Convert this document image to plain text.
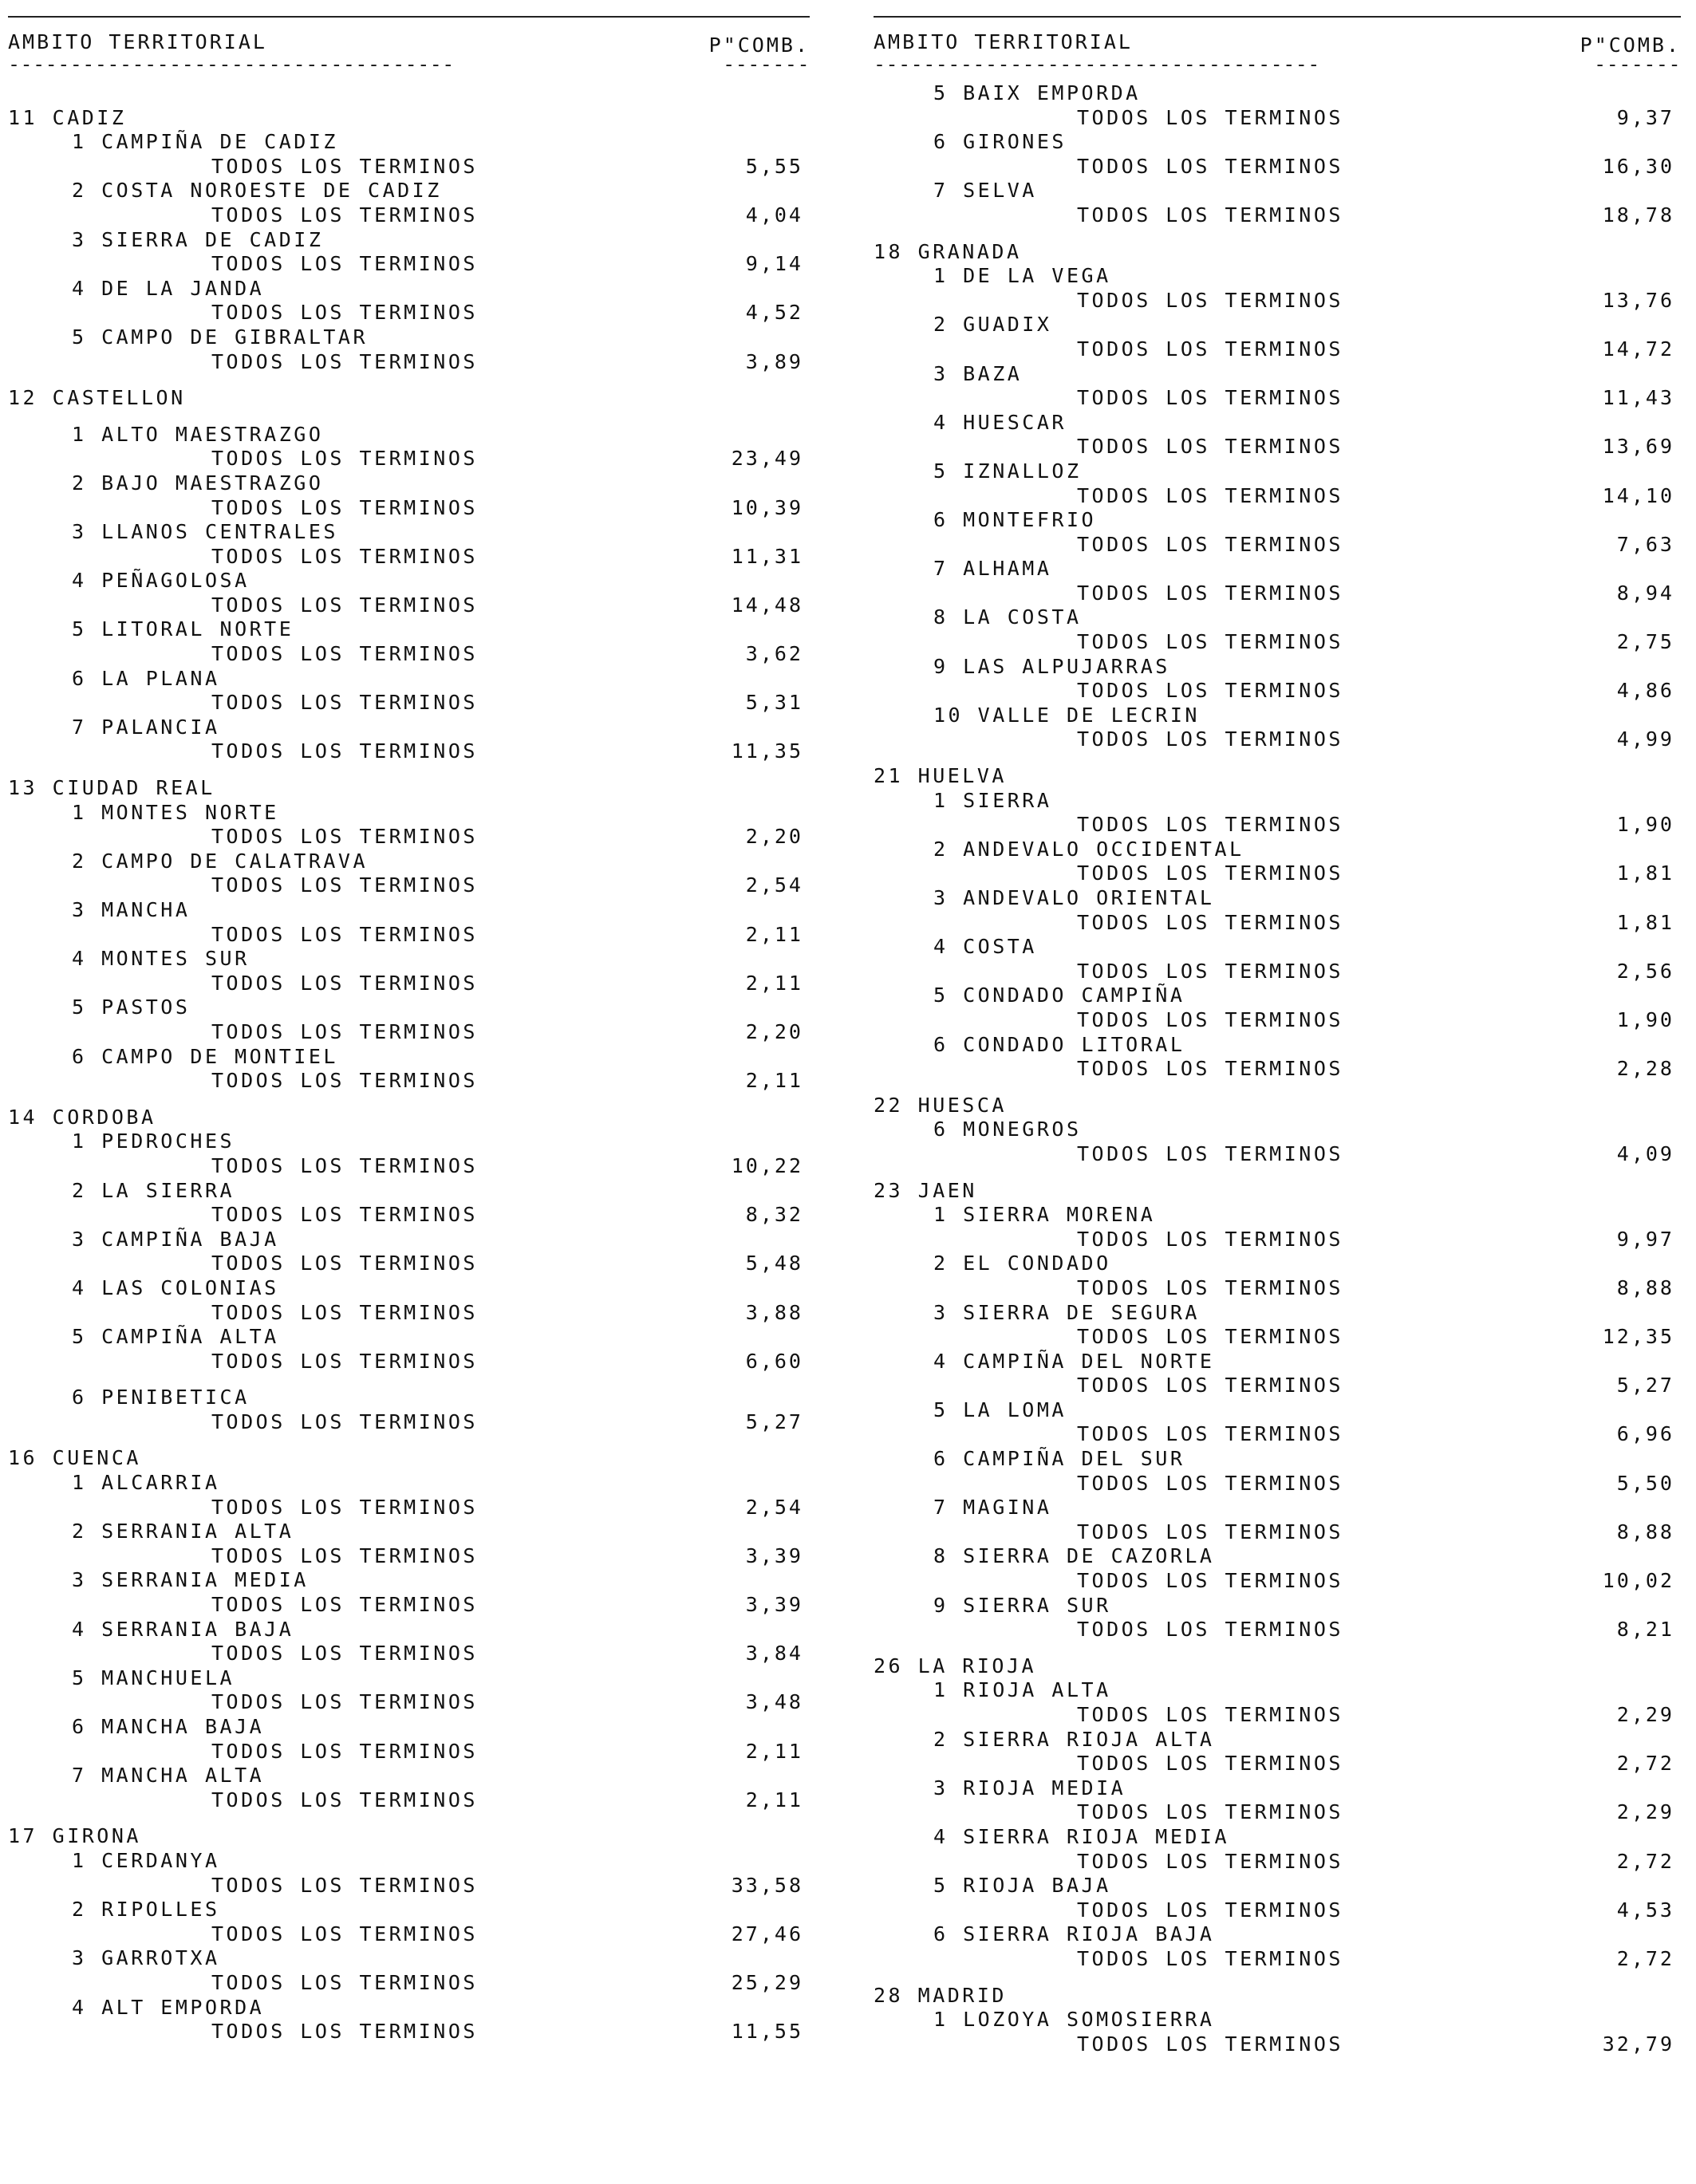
AMBITO TERRITORIAL	P"COMB.
------------------------------------	-------
11 CADIZ
1 CAMPIÑA DE CADIZ
TODOS LOS TERMINOS	5,55
2 COSTA NOROESTE DE CADIZ
TODOS LOS TERMINOS	4,04
3 SIERRA DE CADIZ
TODOS LOS TERMINOS	9,14
4 DE LA JANDA
TODOS LOS TERMINOS	4,52
5 CAMPO DE GIBRALTAR
TODOS LOS TERMINOS	3,89
12 CASTELLON
1 ALTO MAESTRAZGO
TODOS LOS TERMINOS	23,49
2 BAJO MAESTRAZGO
TODOS LOS TERMINOS	10,39
3 LLANOS CENTRALES
TODOS LOS TERMINOS	11,31
4 PEÑAGOLOSA
TODOS LOS TERMINOS	14,48
5 LITORAL NORTE
TODOS LOS TERMINOS	3,62
6 LA PLANA
TODOS LOS TERMINOS	5,31
7 PALANCIA
TODOS LOS TERMINOS	11,35
13 CIUDAD REAL
1 MONTES NORTE
TODOS LOS TERMINOS	2,20
2 CAMPO DE CALATRAVA
TODOS LOS TERMINOS	2,54
3 MANCHA
TODOS LOS TERMINOS	2,11
4 MONTES SUR
TODOS LOS TERMINOS	2,11
5 PASTOS
TODOS LOS TERMINOS	2,20
6 CAMPO DE MONTIEL
TODOS LOS TERMINOS	2,11
14 CORDOBA
1 PEDROCHES
TODOS LOS TERMINOS	10,22
2 LA SIERRA
TODOS LOS TERMINOS	8,32
3 CAMPIÑA BAJA
TODOS LOS TERMINOS	5,48
4 LAS COLONIAS
TODOS LOS TERMINOS	3,88
5 CAMPIÑA ALTA
TODOS LOS TERMINOS	6,60
6 PENIBETICA
TODOS LOS TERMINOS	5,27
16 CUENCA
1 ALCARRIA
TODOS LOS TERMINOS	2,54
2 SERRANIA ALTA
TODOS LOS TERMINOS	3,39
3 SERRANIA MEDIA
TODOS LOS TERMINOS	3,39
4 SERRANIA BAJA
TODOS LOS TERMINOS	3,84
5 MANCHUELA
TODOS LOS TERMINOS	3,48
6 MANCHA BAJA
TODOS LOS TERMINOS	2,11
7 MANCHA ALTA
TODOS LOS TERMINOS	2,11
17 GIRONA
1 CERDANYA
TODOS LOS TERMINOS	33,58
2 RIPOLLES
TODOS LOS TERMINOS	27,46
3 GARROTXA
TODOS LOS TERMINOS	25,29
4 ALT EMPORDA
TODOS LOS TERMINOS	11,55
AMBITO TERRITORIAL	P"COMB.
------------------------------------	-------
5 BAIX EMPORDA
TODOS LOS TERMINOS	9,37
6 GIRONES
TODOS LOS TERMINOS	16,30
7 SELVA
TODOS LOS TERMINOS	18,78
18 GRANADA
1 DE LA VEGA
TODOS LOS TERMINOS	13,76
2 GUADIX
TODOS LOS TERMINOS	14,72
3 BAZA
TODOS LOS TERMINOS	11,43
4 HUESCAR
TODOS LOS TERMINOS	13,69
5 IZNALLOZ
TODOS LOS TERMINOS	14,10
6 MONTEFRIO
TODOS LOS TERMINOS	7,63
7 ALHAMA
TODOS LOS TERMINOS	8,94
8 LA COSTA
TODOS LOS TERMINOS	2,75
9 LAS ALPUJARRAS
TODOS LOS TERMINOS	4,86
10 VALLE DE LECRIN
TODOS LOS TERMINOS	4,99
21 HUELVA
1 SIERRA
TODOS LOS TERMINOS	1,90
2 ANDEVALO OCCIDENTAL
TODOS LOS TERMINOS	1,81
3 ANDEVALO ORIENTAL
TODOS LOS TERMINOS	1,81
4 COSTA
TODOS LOS TERMINOS	2,56
5 CONDADO CAMPIÑA
TODOS LOS TERMINOS	1,90
6 CONDADO LITORAL
TODOS LOS TERMINOS	2,28
22 HUESCA
6 MONEGROS
TODOS LOS TERMINOS	4,09
23 JAEN
1 SIERRA MORENA
TODOS LOS TERMINOS	9,97
2 EL CONDADO
TODOS LOS TERMINOS	8,88
3 SIERRA DE SEGURA
TODOS LOS TERMINOS	12,35
4 CAMPIÑA DEL NORTE
TODOS LOS TERMINOS	5,27
5 LA LOMA
TODOS LOS TERMINOS	6,96
6 CAMPIÑA DEL SUR
TODOS LOS TERMINOS	5,50
7 MAGINA
TODOS LOS TERMINOS	8,88
8 SIERRA DE CAZORLA
TODOS LOS TERMINOS	10,02
9 SIERRA SUR
TODOS LOS TERMINOS	8,21
26 LA RIOJA
1 RIOJA ALTA
TODOS LOS TERMINOS	2,29
2 SIERRA RIOJA ALTA
TODOS LOS TERMINOS	2,72
3 RIOJA MEDIA
TODOS LOS TERMINOS	2,29
4 SIERRA RIOJA MEDIA
TODOS LOS TERMINOS	2,72
5 RIOJA BAJA
TODOS LOS TERMINOS	4,53
6 SIERRA RIOJA BAJA
TODOS LOS TERMINOS	2,72
28 MADRID
1 LOZOYA SOMOSIERRA
TODOS LOS TERMINOS	32,79
